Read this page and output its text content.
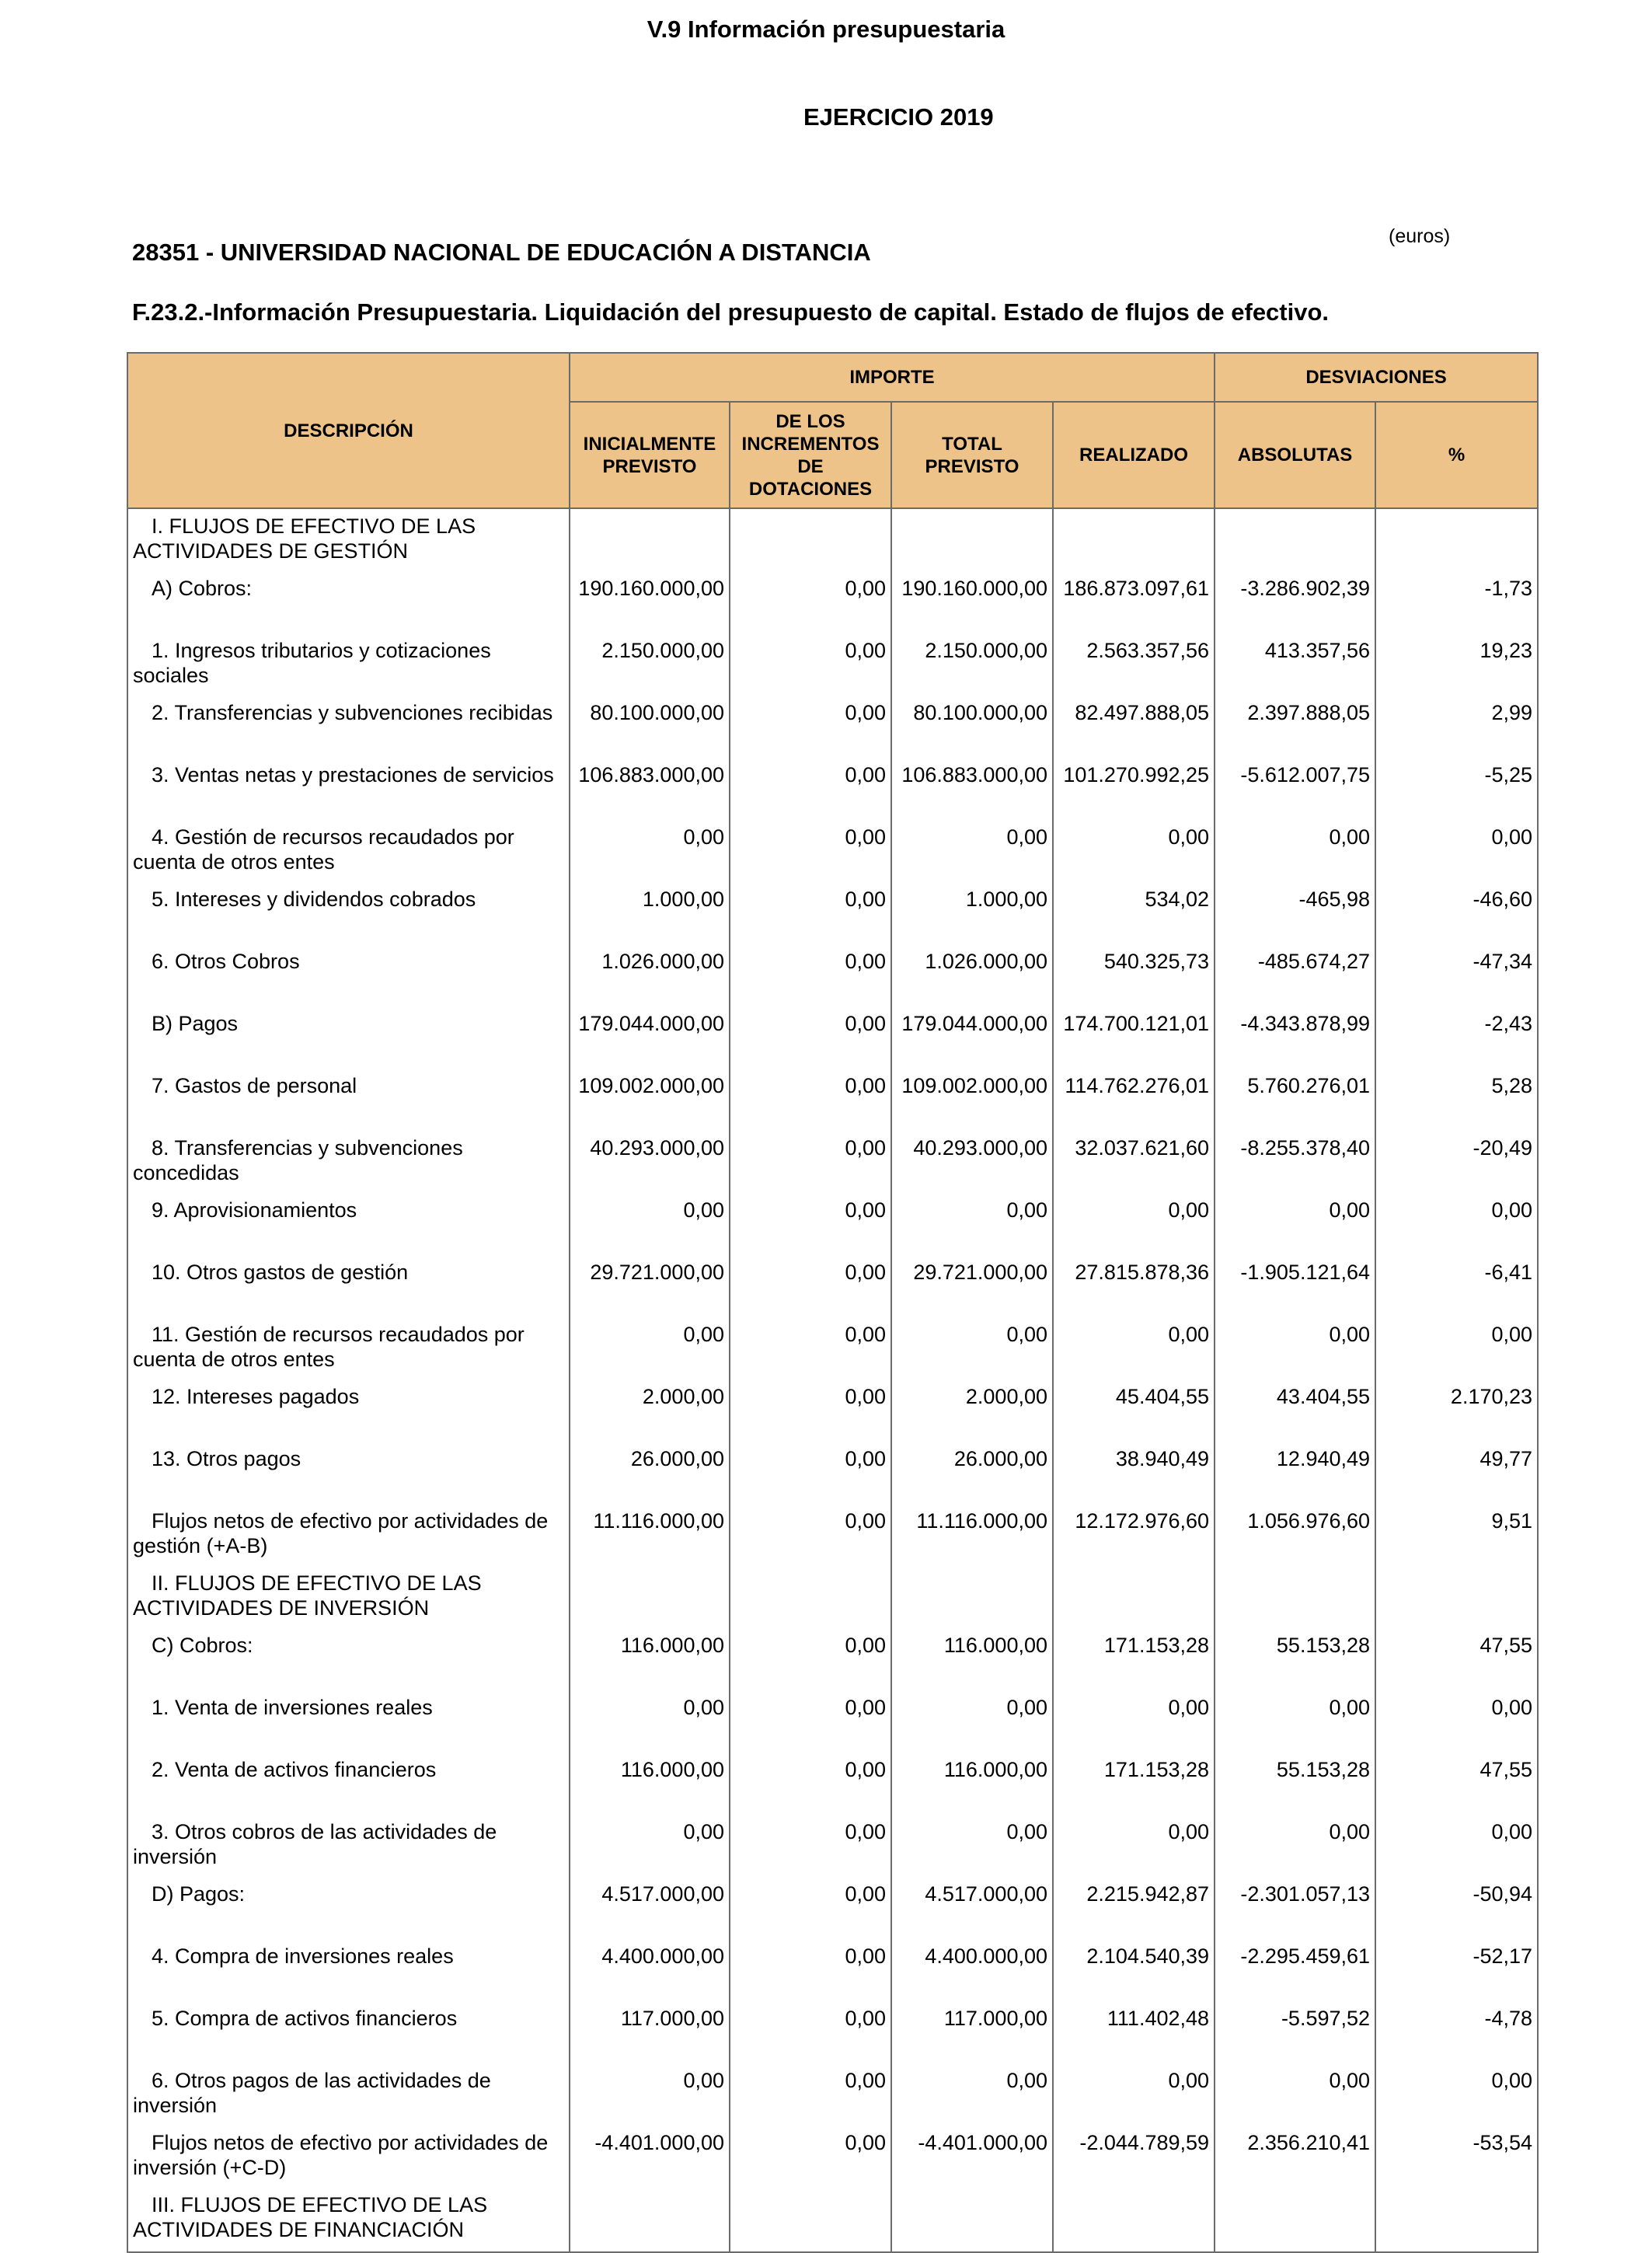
V.9 Información presupuestaria
EJERCICIO 2019
(euros)
28351 - UNIVERSIDAD NACIONAL DE EDUCACIÓN A DISTANCIA
F.23.2.-Información Presupuestaria. Liquidación del presupuesto de capital. Estado de flujos de efectivo.
DESCRIPCIÓN	IMPORTE				DESVIACIONES	
	INICIALMENTE PREVISTO	DE LOS INCREMENTOS DE DOTACIONES	TOTAL PREVISTO	REALIZADO	ABSOLUTAS	%

I. FLUJOS DE EFECTIVO DE LAS ACTIVIDADES DE GESTIÓN						

A) Cobros:	190.160.000,00	0,00	190.160.000,00	186.873.097,61	-3.286.902,39	-1,73

1. Ingresos tributarios y cotizaciones sociales	2.150.000,00	0,00	2.150.000,00	2.563.357,56	413.357,56	19,23

2. Transferencias y subvenciones recibidas	80.100.000,00	0,00	80.100.000,00	82.497.888,05	2.397.888,05	2,99

3. Ventas netas y prestaciones de servicios	106.883.000,00	0,00	106.883.000,00	101.270.992,25	-5.612.007,75	-5,25

4. Gestión de recursos recaudados por cuenta de otros entes	0,00	0,00	0,00	0,00	0,00	0,00

5. Intereses y dividendos cobrados	1.000,00	0,00	1.000,00	534,02	-465,98	-46,60

6. Otros Cobros	1.026.000,00	0,00	1.026.000,00	540.325,73	-485.674,27	-47,34

B) Pagos	179.044.000,00	0,00	179.044.000,00	174.700.121,01	-4.343.878,99	-2,43

7. Gastos de personal	109.002.000,00	0,00	109.002.000,00	114.762.276,01	5.760.276,01	5,28

8. Transferencias y subvenciones concedidas	40.293.000,00	0,00	40.293.000,00	32.037.621,60	-8.255.378,40	-20,49

9. Aprovisionamientos	0,00	0,00	0,00	0,00	0,00	0,00

10. Otros gastos de gestión	29.721.000,00	0,00	29.721.000,00	27.815.878,36	-1.905.121,64	-6,41

11. Gestión de recursos recaudados por cuenta de otros entes	0,00	0,00	0,00	0,00	0,00	0,00

12. Intereses pagados	2.000,00	0,00	2.000,00	45.404,55	43.404,55	2.170,23

13. Otros pagos	26.000,00	0,00	26.000,00	38.940,49	12.940,49	49,77

Flujos netos de efectivo por actividades de gestión (+A-B)	11.116.000,00	0,00	11.116.000,00	12.172.976,60	1.056.976,60	9,51

II. FLUJOS DE EFECTIVO DE LAS ACTIVIDADES DE INVERSIÓN						

C) Cobros:	116.000,00	0,00	116.000,00	171.153,28	55.153,28	47,55

1. Venta de inversiones reales	0,00	0,00	0,00	0,00	0,00	0,00

2. Venta de activos financieros	116.000,00	0,00	116.000,00	171.153,28	55.153,28	47,55

3. Otros cobros de las actividades de inversión	0,00	0,00	0,00	0,00	0,00	0,00

D) Pagos:	4.517.000,00	0,00	4.517.000,00	2.215.942,87	-2.301.057,13	-50,94

4. Compra de inversiones reales	4.400.000,00	0,00	4.400.000,00	2.104.540,39	-2.295.459,61	-52,17

5. Compra de activos financieros	117.000,00	0,00	117.000,00	111.402,48	-5.597,52	-4,78

6. Otros pagos de las actividades de inversión	0,00	0,00	0,00	0,00	0,00	0,00

Flujos netos de efectivo por actividades de inversión (+C-D)	-4.401.000,00	0,00	-4.401.000,00	-2.044.789,59	2.356.210,41	-53,54

III. FLUJOS DE EFECTIVO DE LAS ACTIVIDADES DE FINANCIACIÓN						
